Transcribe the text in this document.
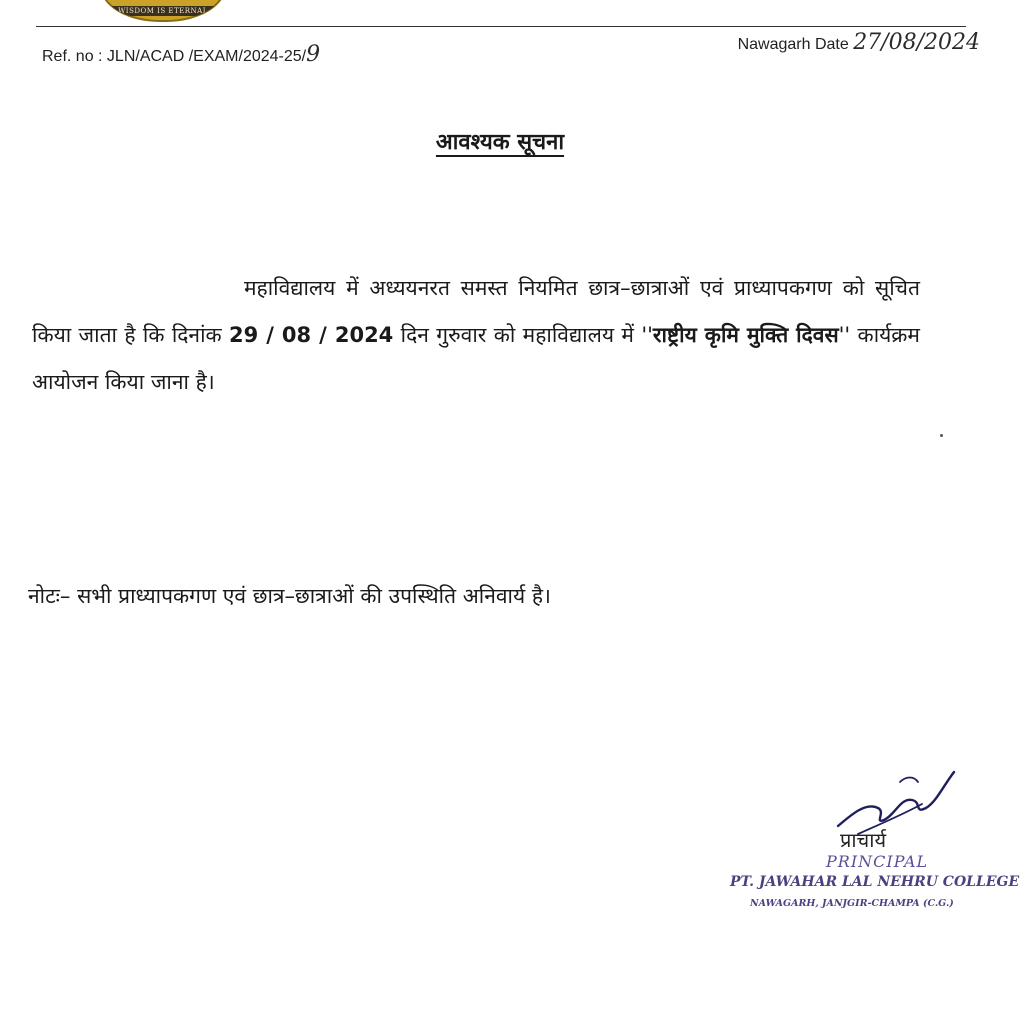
WISDOM IS ETERNAL
Ref. no : JLN/ACAD /EXAM/2024-25/9	Nawagarh Date 27/08/2024
आवश्यक सूचना

महाविद्यालय में अध्ययनरत समस्त नियमित छात्र–छात्राओं एवं प्राध्यापकगण को सूचित किया जाता है कि दिनांक 29 / 08 / 2024 दिन गुरुवार को महाविद्यालय में ''राष्ट्रीय कृमि मुक्ति दिवस'' कार्यक्रम आयोजन किया जाना है।

नोटः– सभी प्राध्यापकगण एवं छात्र–छात्राओं की उपस्थिति अनिवार्य है।
प्राचार्य
PRINCIPAL
PT. JAWAHAR LAL NEHRU COLLEGE
NAWAGARH, JANJGIR-CHAMPA (C.G.)
